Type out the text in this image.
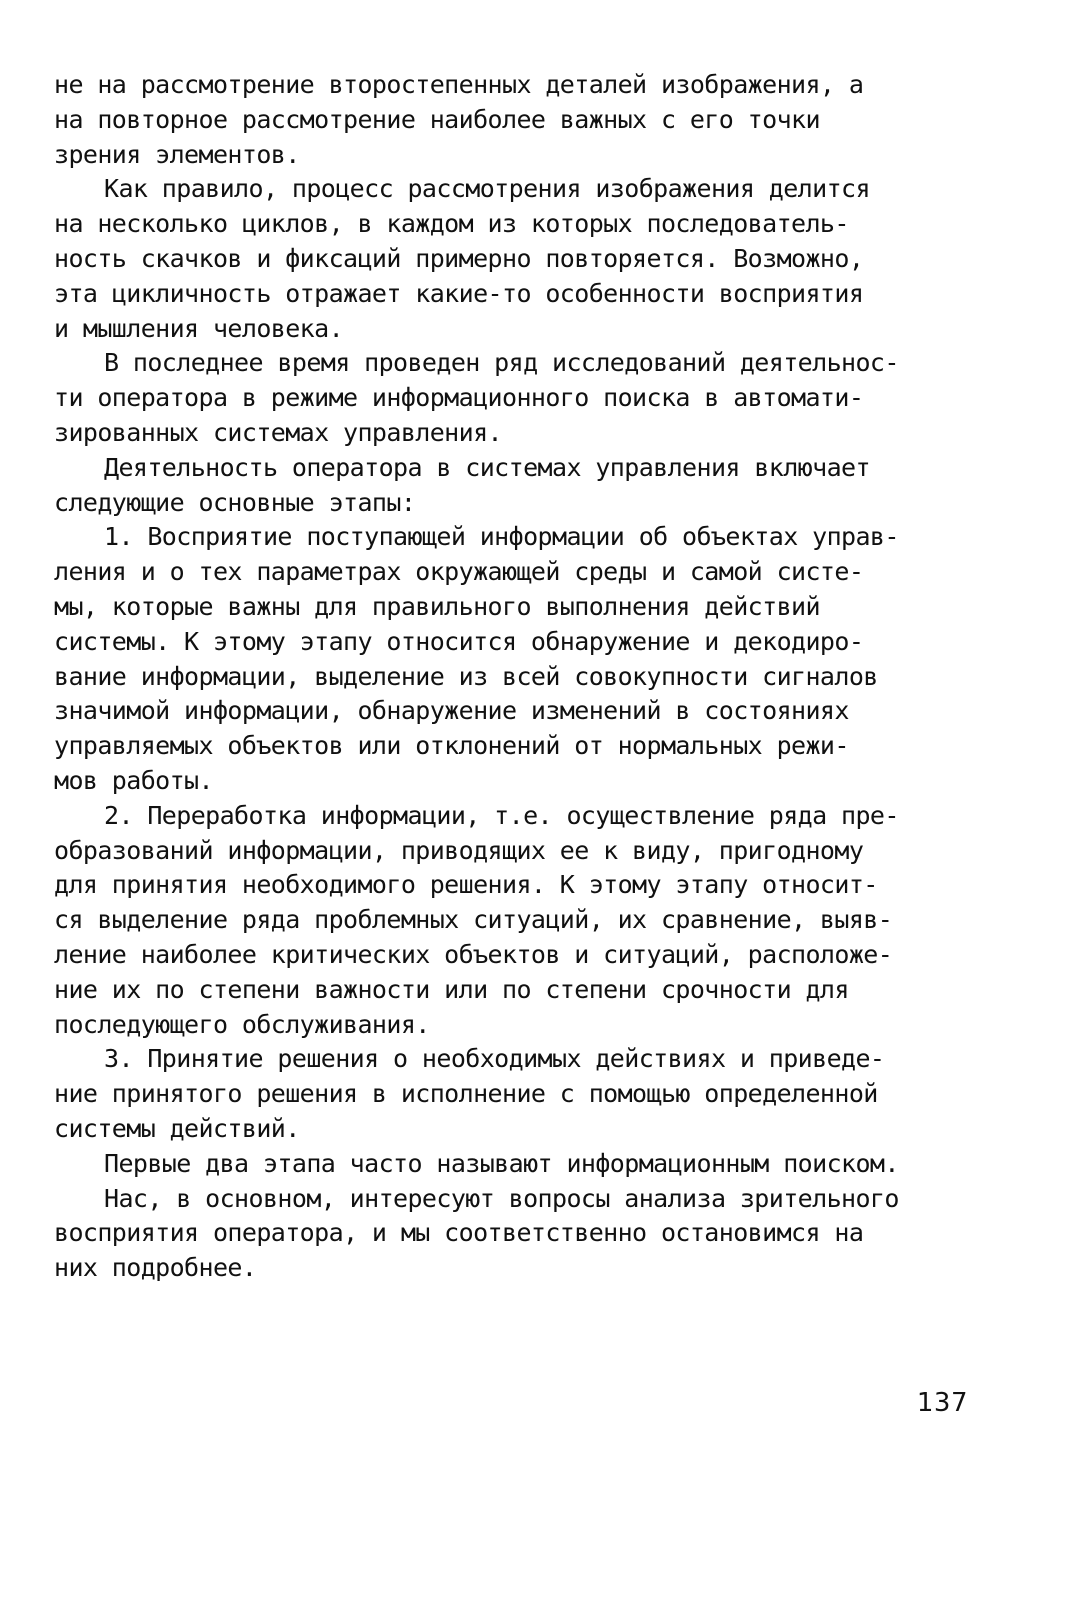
не на рассмотрение второстепенных деталей изображения, а
на повторное рассмотрение наиболее важных с его точки
зрения элементов.
Как правило, процесс рассмотрения изображения делится
на несколько циклов, в каждом из которых последователь-
ность скачков и фиксаций примерно повторяется. Возможно,
эта цикличность отражает какие-то особенности восприятия
и мышления человека.
В последнее время проведен ряд исследований деятельнос-
ти оператора в режиме информационного поиска в автомати-
зированных системах управления.
Деятельность оператора в системах управления включает
следующие основные этапы:
1. Восприятие поступающей информации об объектах управ-
ления и о тех параметрах окружающей среды и самой систе-
мы, которые важны для правильного выполнения действий
системы. К этому этапу относится обнаружение и декодиро-
вание информации, выделение из всей совокупности сигналов
значимой информации, обнаружение изменений в состояниях
управляемых объектов или отклонений от нормальных режи-
мов работы.
2. Переработка информации, т.е. осуществление ряда пре-
образований информации, приводящих ее к виду, пригодному
для принятия необходимого решения. К этому этапу относит-
ся выделение ряда проблемных ситуаций, их сравнение, выяв-
ление наиболее критических объектов и ситуаций, расположе-
ние их по степени важности или по степени срочности для
последующего обслуживания.
3. Принятие решения о необходимых действиях и приведе-
ние принятого решения в исполнение с помощью определенной
системы действий.
Первые два этапа часто называют информационным поиском.
Нас, в основном, интересуют вопросы анализа зрительного
восприятия оператора, и мы соответственно остановимся на
них подробнее.
137
